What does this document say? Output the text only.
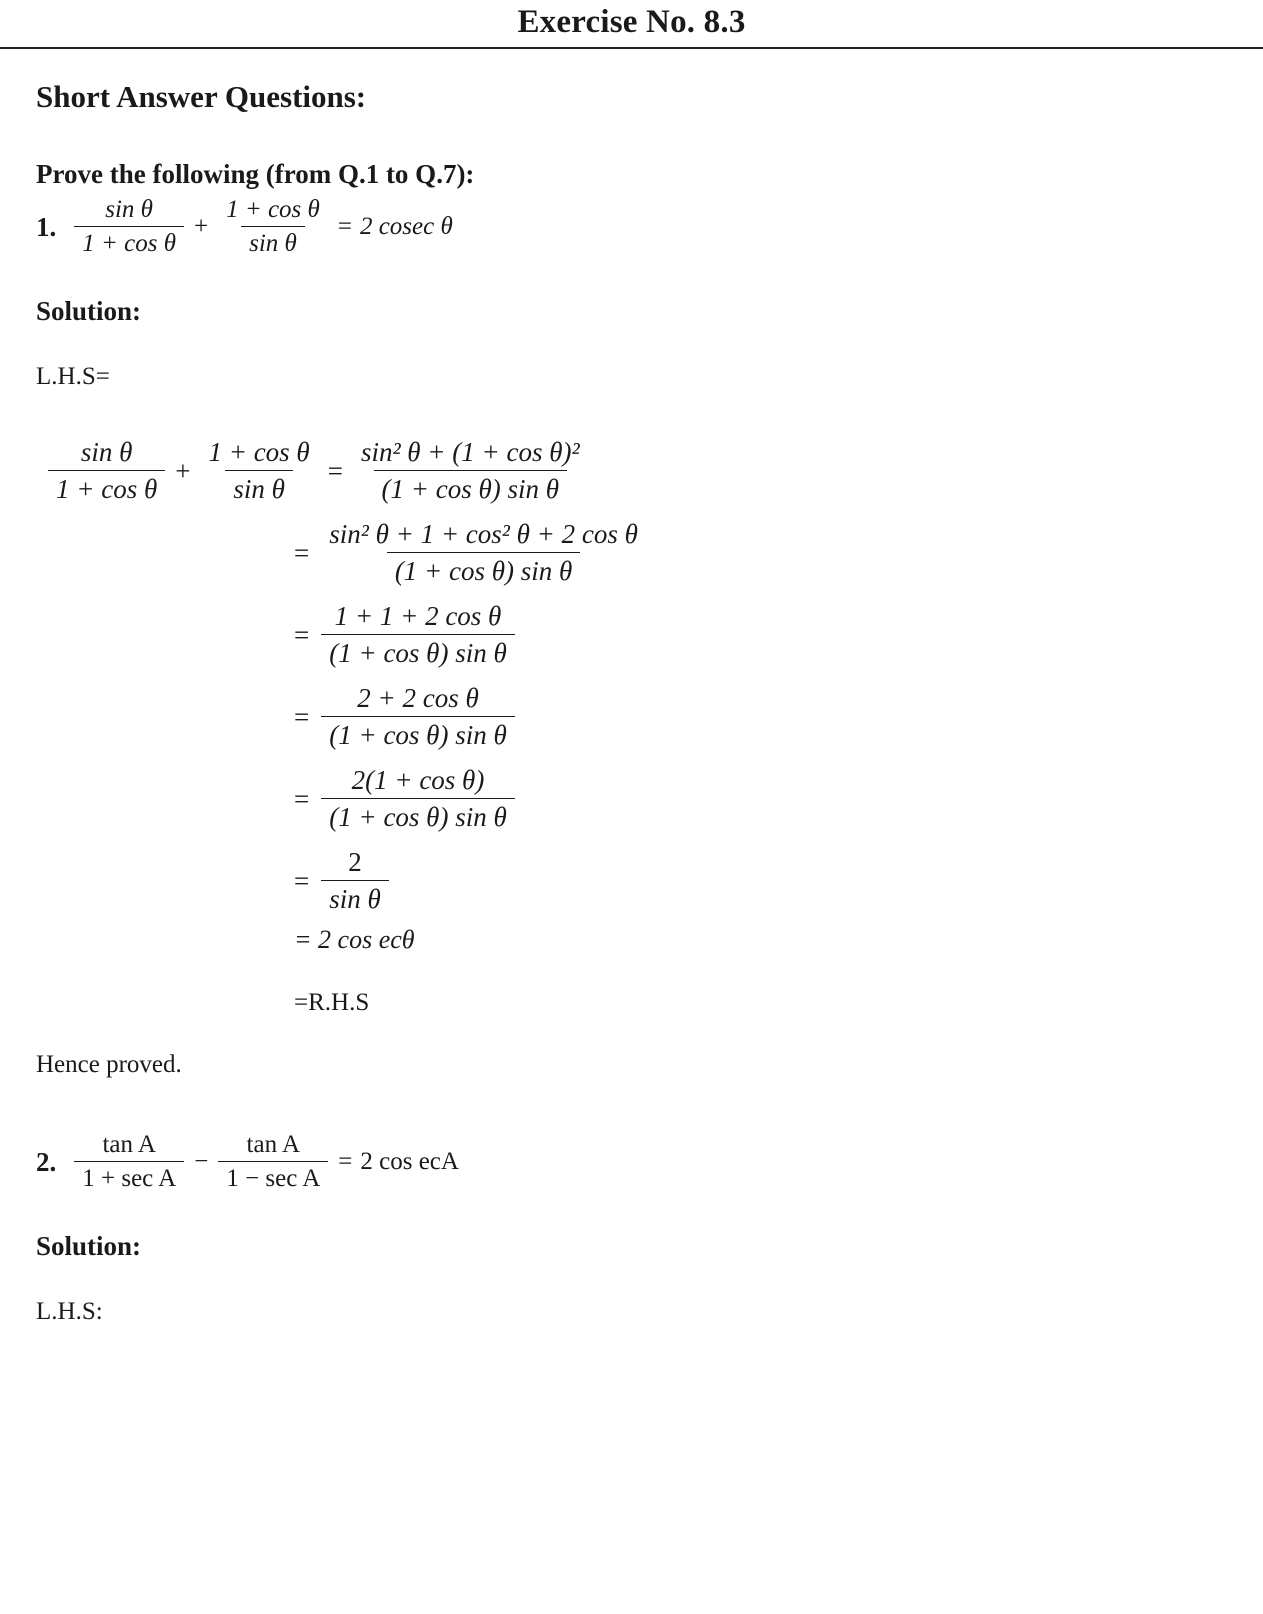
Exercise No. 8.3
Short Answer Questions:
Prove the following (from Q.1 to Q.7):
1. $\frac{\text{sin θ}}{\text{1 + cos θ}} + \frac{\text{1 + cos θ}}{\text{sin θ}} = 2$ cosec θ
Solution:
L.H.S=
$\frac{\text{sin θ}}{\text{1 + cos θ}} + \frac{\text{1 + cos θ}}{\text{sin θ}} = \frac{\text{sin² θ + (1 + cos θ)²}}{\text{(1 + cos θ) sin θ}}$
= $\frac{\text{sin² θ + 1 + cos² θ + 2 cos θ}}{\text{(1 + cos θ) sin θ}}$
= $\frac{\text{1 + 1 + 2 cos θ}}{\text{(1 + cos θ) sin θ}}$
= $\frac{\text{2 + 2 cos θ}}{\text{(1 + cos θ) sin θ}}$
= $\frac{\text{2(1 + cos θ)}}{\text{(1 + cos θ) sin θ}}$
= $\frac{2}{\text{sin θ}}$
= 2 cos ecθ
=R.H.S
Hence proved.
2. $\frac{\text{tan A}}{\text{1 + sec A}} - \frac{\text{tan A}}{\text{1 − sec A}} = 2$ cos ecA
Solution:
L.H.S:
